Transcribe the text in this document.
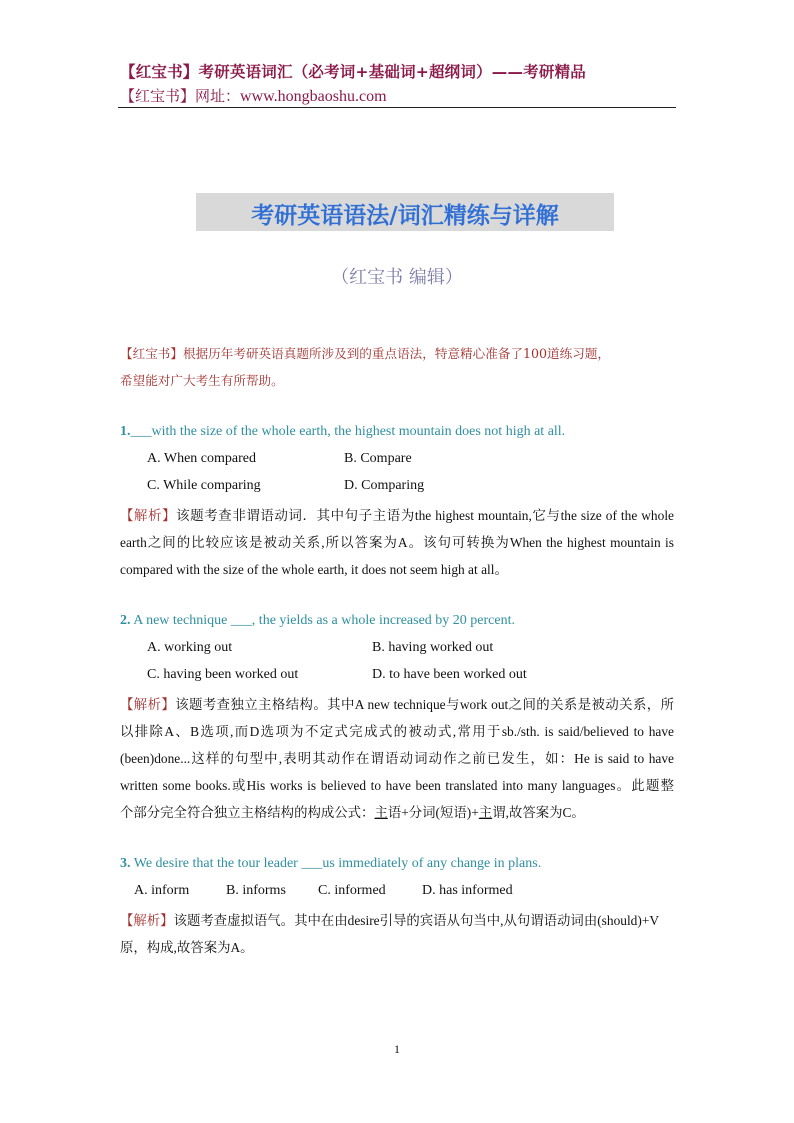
【红宝书】考研英语词汇（必考词+基础词+超纲词）——考研精品
【红宝书】网址：www.hongbaoshu.com
考研英语语法/词汇精练与详解
（红宝书 编辑）
【红宝书】根据历年考研英语真题所涉及到的重点语法，特意精心准备了100道练习题，
希望能对广大考生有所帮助。
1.___with the size of the whole earth, the highest mountain does not high at all.
A. When compared	B. Compare
C. While comparing	D. Comparing
【解析】该题考查非谓语动词．其中句子主语为the highest mountain,它与the size of the whole
earth之间的比较应该是被动关系,所以答案为A。该句可转换为When the highest mountain is
compared with the size of the whole earth, it does not seem high at all。
2. A new technique ___, the yields as a whole increased by 20 percent.
A. working out	B. having worked out
C. having been worked out	D. to have been worked out
【解析】该题考查独立主格结构。其中A new technique与work out之间的关系是被动关系，所
以排除A、B选项,而D选项为不定式完成式的被动式,常用于sb./sth. is said/believed to have
(been)done...这样的句型中,表明其动作在谓语动词动作之前已发生，如：He is said to have
written some books.或His works is believed to have been translated into many languages。此题整
个部分完全符合独立主格结构的构成公式：主语+分词(短语)+主谓,故答案为C。
3. We desire that the tour leader ___us immediately of any change in plans.
A. inform	B. informs C. informed	D. has informed
【解析】该题考查虚拟语气。其中在由desire引导的宾语从句当中,从句谓语动词由(should)+V
原，构成,故答案为A。
1
